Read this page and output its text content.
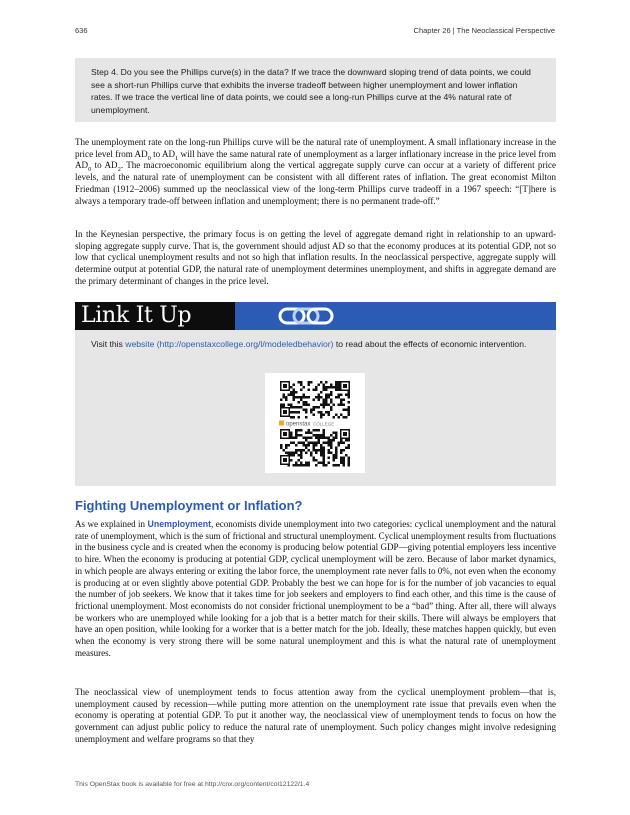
636	Chapter 26 | The Neoclassical Perspective
Step 4. Do you see the Phillips curve(s) in the data? If we trace the downward sloping trend of data points, we could see a short-run Phillips curve that exhibits the inverse tradeoff between higher unemployment and lower inflation rates. If we trace the vertical line of data points, we could see a long-run Phillips curve at the 4% natural rate of unemployment.

The unemployment rate on the long-run Phillips curve will be the natural rate of unemployment. A small inflationary increase in the price level from $AD_0$ to $AD_1$ will have the same natural rate of unemployment as a larger inflationary increase in the price level from $AD_0$ to $AD_2$. The macroeconomic equilibrium along the vertical aggregate supply curve can occur at a variety of different price levels, and the natural rate of unemployment can be consistent with all different rates of inflation. The great economist Milton Friedman (1912–2006) summed up the neoclassical view of the long-term Phillips curve tradeoff in a 1967 speech: “[T]here is always a temporary trade-off between inflation and unemployment; there is no permanent trade-off.”

In the Keynesian perspective, the primary focus is on getting the level of aggregate demand right in relationship to an upward-sloping aggregate supply curve. That is, the government should adjust AD so that the economy produces at its potential GDP, not so low that cyclical unemployment results and not so high that inflation results. In the neoclassical perspective, aggregate supply will determine output at potential GDP, the natural rate of unemployment determines unemployment, and shifts in aggregate demand are the primary determinant of changes in the price level.

Link It Up
Visit this website (http://openstaxcollege.org/l/modeledbehavior) to read about the effects of economic intervention.
openstax COLLEGE
Fighting Unemployment or Inflation?

As we explained in Unemployment, economists divide unemployment into two categories: cyclical unemployment and the natural rate of unemployment, which is the sum of frictional and structural unemployment. Cyclical unemployment results from fluctuations in the business cycle and is created when the economy is producing below potential GDP—giving potential employers less incentive to hire. When the economy is producing at potential GDP, cyclical unemployment will be zero. Because of labor market dynamics, in which people are always entering or exiting the labor force, the unemployment rate never falls to 0%, not even when the economy is producing at or even slightly above potential GDP. Probably the best we can hope for is for the number of job vacancies to equal the number of job seekers. We know that it takes time for job seekers and employers to find each other, and this time is the cause of frictional unemployment. Most economists do not consider frictional unemployment to be a “bad” thing. After all, there will always be workers who are unemployed while looking for a job that is a better match for their skills. There will always be employers that have an open position, while looking for a worker that is a better match for the job. Ideally, these matches happen quickly, but even when the economy is very strong there will be some natural unemployment and this is what the natural rate of unemployment measures.

The neoclassical view of unemployment tends to focus attention away from the cyclical unemployment problem—that is, unemployment caused by recession—while putting more attention on the unemployment rate issue that prevails even when the economy is operating at potential GDP. To put it another way, the neoclassical view of unemployment tends to focus on how the government can adjust public policy to reduce the natural rate of unemployment. Such policy changes might involve redesigning unemployment and welfare programs so that they

This OpenStax book is available for free at http://cnx.org/content/col12122/1.4
